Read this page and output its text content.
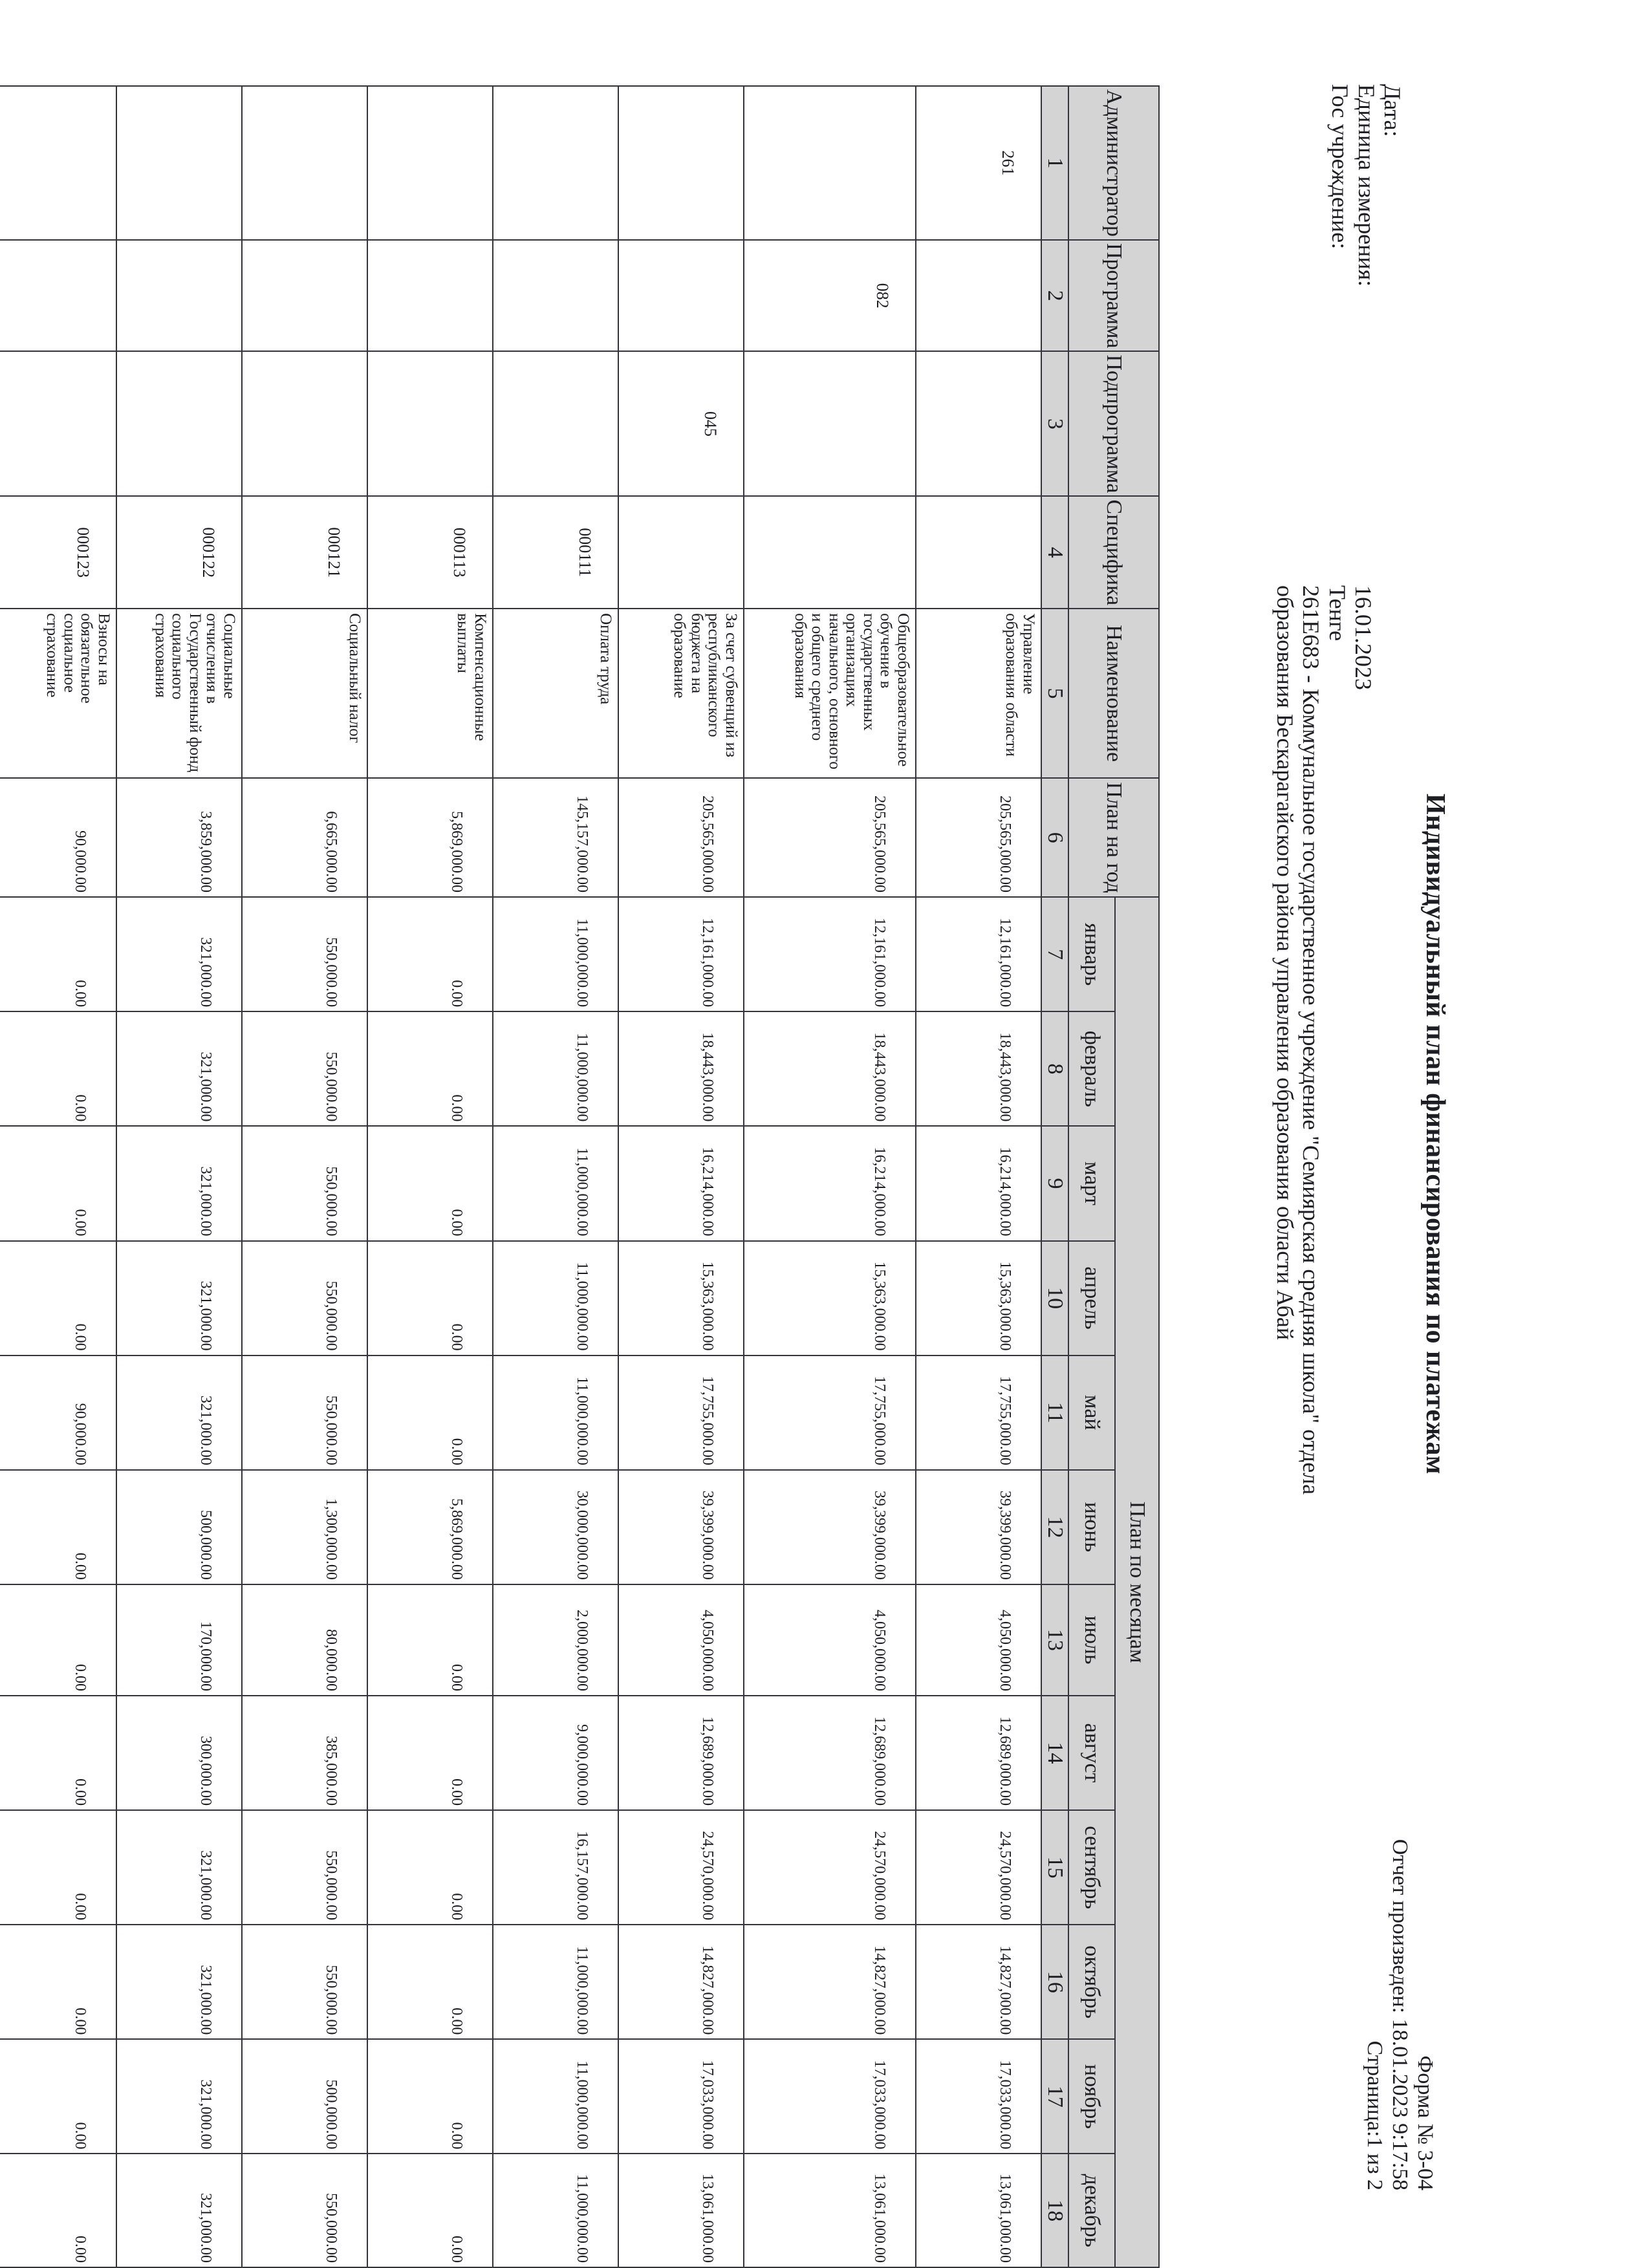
Индивидуальный план финансирования по платежам
Форма № 3-04
Отчет произведен: 18.01.2023 9:17:58
Страница:1 из 2
Дата:
Единица измерения:
Гос учреждение:
16.01.2023
Тенге
261Е683 - Коммунальное государственное учреждение "Семиярская средняя школа" отдела образования Бескарагайского района управления образования области Абай
Администратор	Программа	Подпрограмма	Специфика	Наименование	План на год	План по месяцам											
						январь	февраль	март	апрель	май	июнь	июль	август	сентябрь	октябрь	ноябрь	декабрь
1	2	3	4	5	6	7	8	9	10	11	12	13	14	15	16	17	18
261				Управление образования области	205,565,000.00	12,161,000.00	18,443,000.00	16,214,000.00	15,363,000.00	17,755,000.00	39,399,000.00	4,050,000.00	12,689,000.00	24,570,000.00	14,827,000.00	17,033,000.00	13,061,000.00
	082			Общеобразовательное обучение в государственных организациях начального, основного и общего среднего образования	205,565,000.00	12,161,000.00	18,443,000.00	16,214,000.00	15,363,000.00	17,755,000.00	39,399,000.00	4,050,000.00	12,689,000.00	24,570,000.00	14,827,000.00	17,033,000.00	13,061,000.00
		045		За счет субвенций из республиканского бюджета на образование	205,565,000.00	12,161,000.00	18,443,000.00	16,214,000.00	15,363,000.00	17,755,000.00	39,399,000.00	4,050,000.00	12,689,000.00	24,570,000.00	14,827,000.00	17,033,000.00	13,061,000.00
			000111	Оплата труда	145,157,000.00	11,000,000.00	11,000,000.00	11,000,000.00	11,000,000.00	11,000,000.00	30,000,000.00	2,000,000.00	9,000,000.00	16,157,000.00	11,000,000.00	11,000,000.00	11,000,000.00
			000113	Компенсационные выплаты	5,869,000.00	0.00	0.00	0.00	0.00	0.00	5,869,000.00	0.00	0.00	0.00	0.00	0.00	0.00
			000121	Социальный налог	6,665,000.00	550,000.00	550,000.00	550,000.00	550,000.00	550,000.00	1,300,000.00	80,000.00	385,000.00	550,000.00	550,000.00	500,000.00	550,000.00
			000122	Социальные отчисления в Государственный фонд социального страхования	3,859,000.00	321,000.00	321,000.00	321,000.00	321,000.00	321,000.00	500,000.00	170,000.00	300,000.00	321,000.00	321,000.00	321,000.00	321,000.00
			000123	Взносы на обязательное социальное страхование	90,000.00	0.00	0.00	0.00	0.00	90,000.00	0.00	0.00	0.00	0.00	0.00	0.00	0.00
